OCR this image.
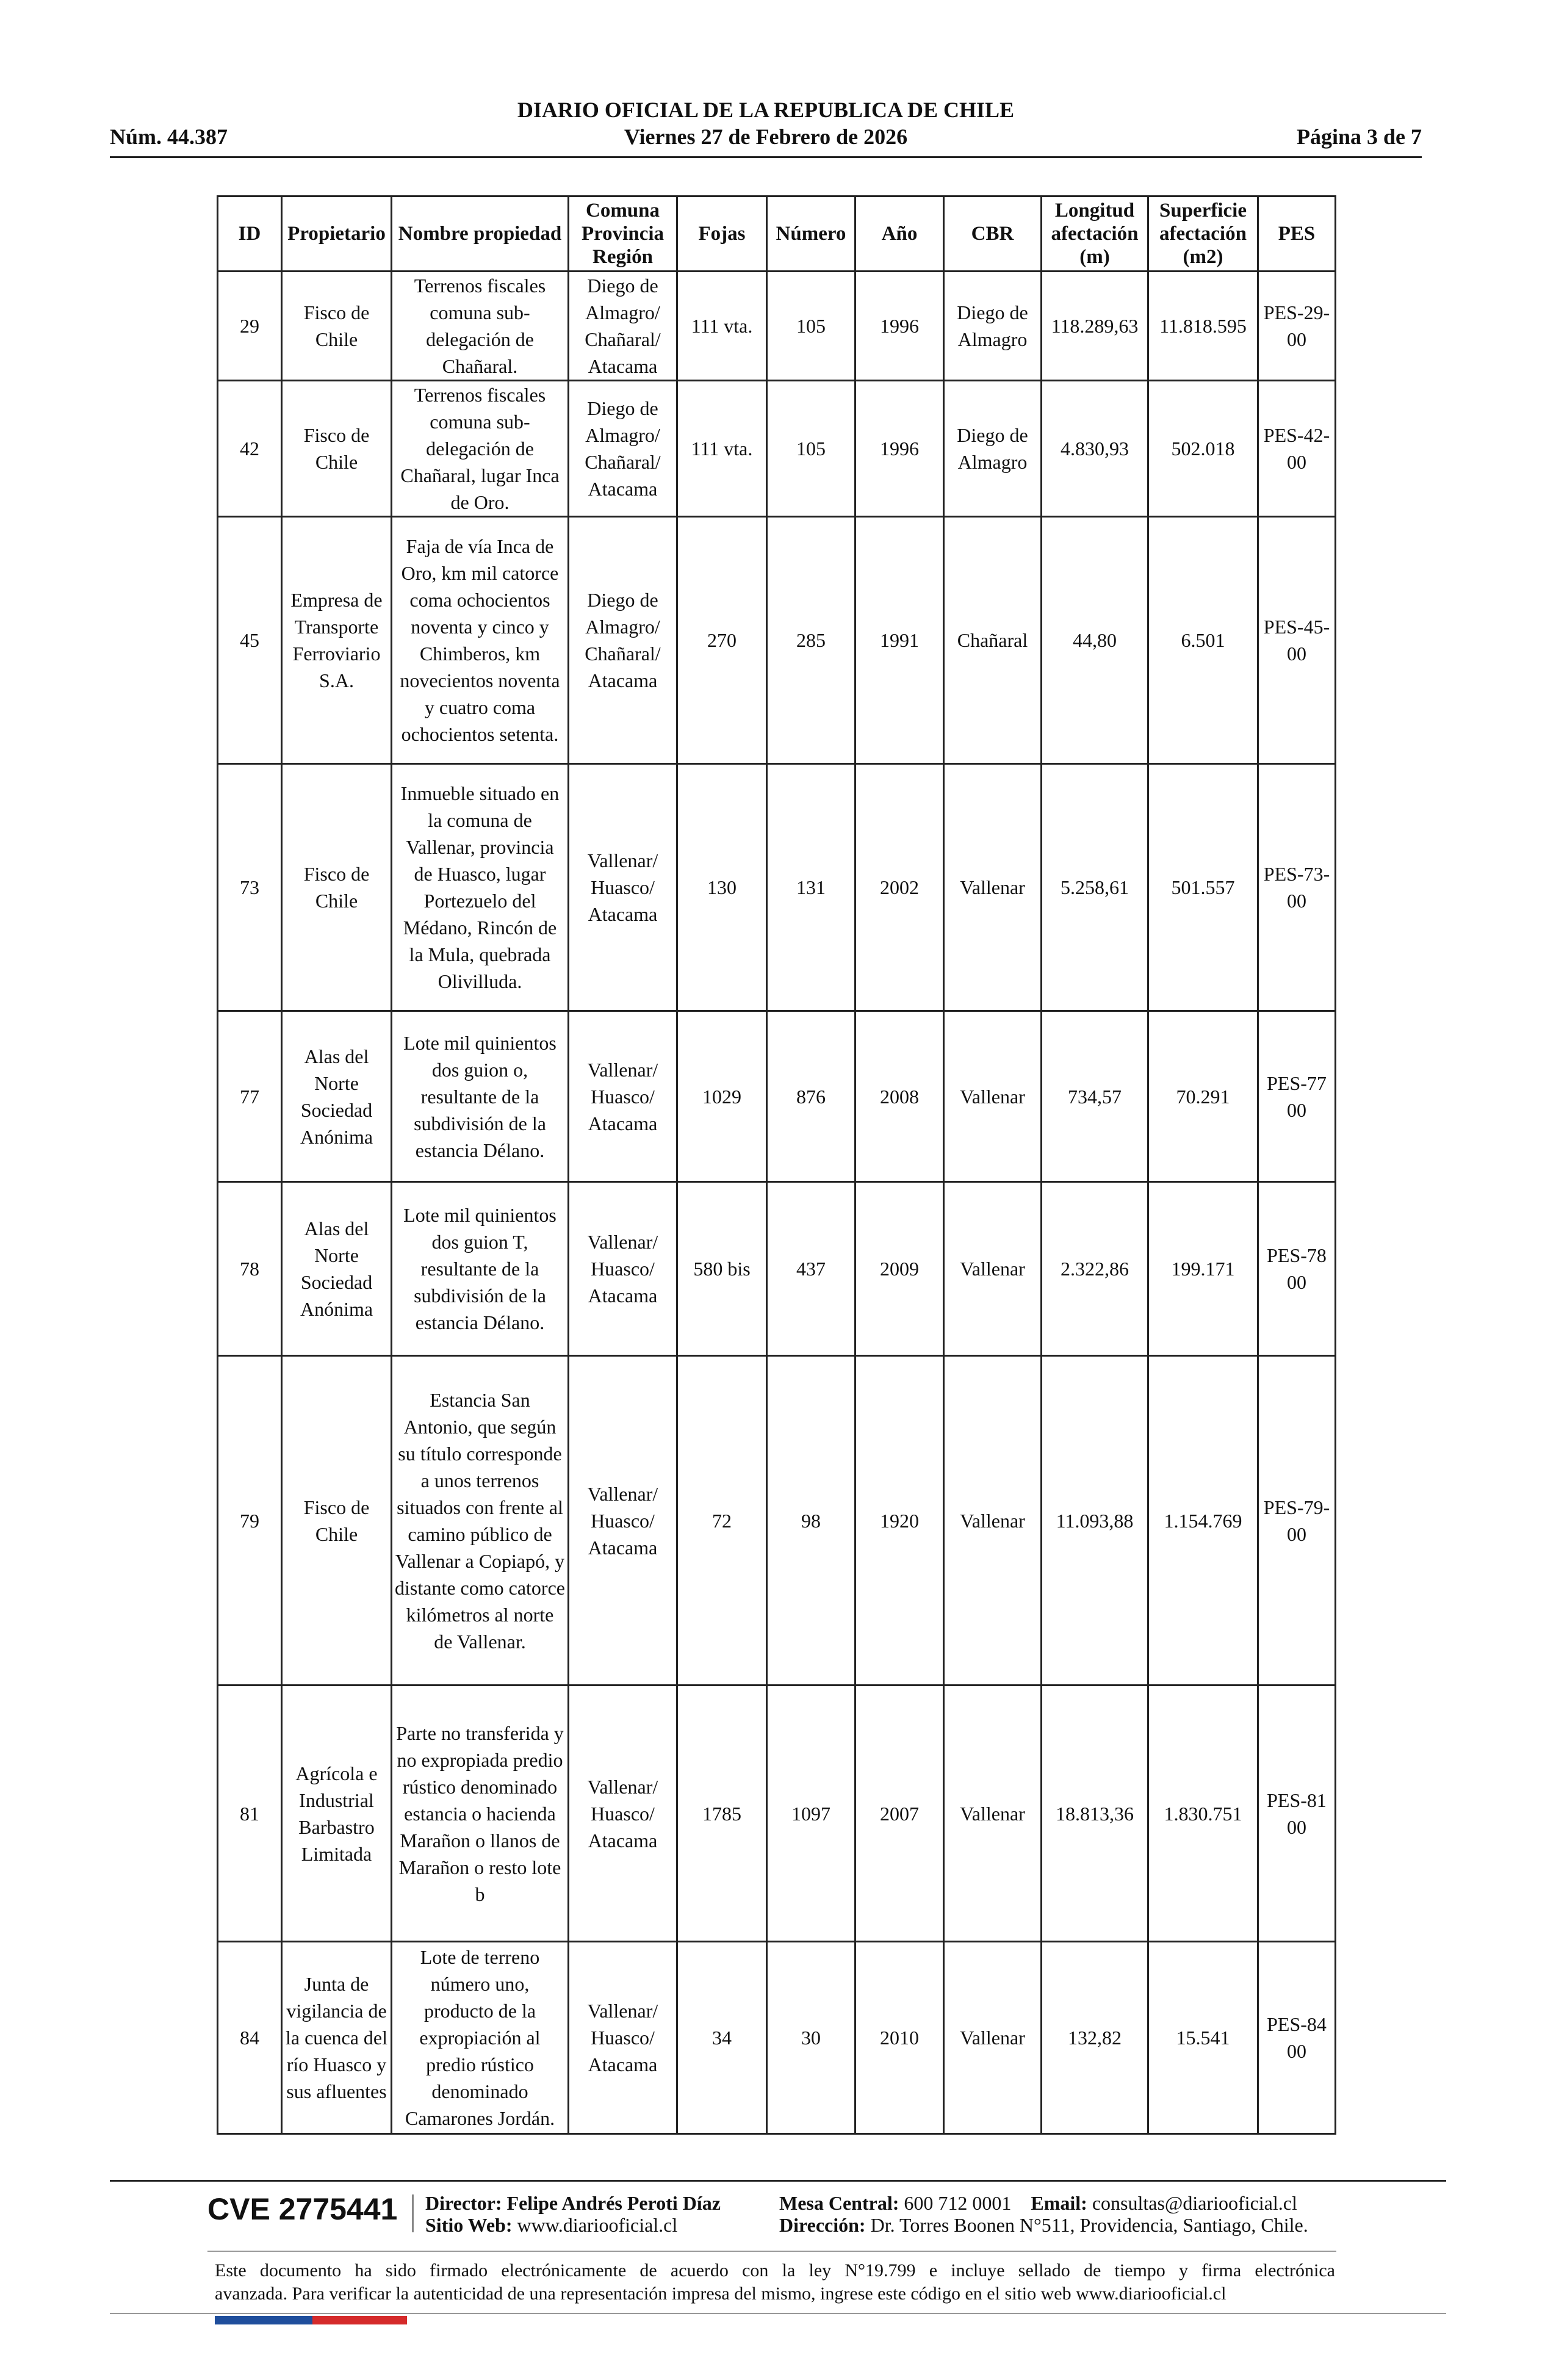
DIARIO OFICIAL DE LA REPUBLICA DE CHILE
Núm. 44.387	Viernes 27 de Febrero de 2026	Página 3 de 7
ID	Propietario	Nombre propiedad	Comuna Provincia Región	Fojas	Número	Año	CBR	Longitud afectación (m)	Superficie afectación (m2)	PES
29	Fisco de Chile	Terrenos fiscales comuna sub-delegación de Chañaral.	Diego de Almagro/ Chañaral/ Atacama	111 vta.	105	1996	Diego de Almagro	118.289,63	11.818.595	PES-29-00
42	Fisco de Chile	Terrenos fiscales comuna sub-delegación de Chañaral, lugar Inca de Oro.	Diego de Almagro/ Chañaral/ Atacama	111 vta.	105	1996	Diego de Almagro	4.830,93	502.018	PES-42-00
45	Empresa de Transporte Ferroviario S.A.	Faja de vía Inca de Oro, km mil catorce coma ochocientos noventa y cinco y Chimberos, km novecientos noventa y cuatro coma ochocientos setenta.	Diego de Almagro/ Chañaral/ Atacama	270	285	1991	Chañaral	44,80	6.501	PES-45-00
73	Fisco de Chile	Inmueble situado en la comuna de Vallenar, provincia de Huasco, lugar Portezuelo del Médano, Rincón de la Mula, quebrada Olivilluda.	Vallenar/ Huasco/ Atacama	130	131	2002	Vallenar	5.258,61	501.557	PES-73-00
77	Alas del Norte Sociedad Anónima	Lote mil quinientos dos guion o, resultante de la subdivisión de la estancia Délano.	Vallenar/ Huasco/ Atacama	1029	876	2008	Vallenar	734,57	70.291	PES-77 00
78	Alas del Norte Sociedad Anónima	Lote mil quinientos dos guion T, resultante de la subdivisión de la estancia Délano.	Vallenar/ Huasco/ Atacama	580 bis	437	2009	Vallenar	2.322,86	199.171	PES-78 00
79	Fisco de Chile	Estancia San Antonio, que según su título corresponde a unos terrenos situados con frente al camino público de Vallenar a Copiapó, y distante como catorce kilómetros al norte de Vallenar.	Vallenar/ Huasco/ Atacama	72	98	1920	Vallenar	11.093,88	1.154.769	PES-79-00
81	Agrícola e Industrial Barbastro Limitada	Parte no transferida y no expropiada predio rústico denominado estancia o hacienda Marañon o llanos de Marañon o resto lote b	Vallenar/ Huasco/ Atacama	1785	1097	2007	Vallenar	18.813,36	1.830.751	PES-81 00
84	Junta de vigilancia de la cuenca del río Huasco y sus afluentes	Lote de terreno número uno, producto de la expropiación al predio rústico denominado Camarones Jordán.	Vallenar/ Huasco/ Atacama	34	30	2010	Vallenar	132,82	15.541	PES-84 00
CVE 2775441 Director: Felipe Andrés Peroti Díaz
Sitio Web: www.diariooficial.cl
Mesa Central: 600 712 0001 Email: consultas@diariooficial.cl
Dirección: Dr. Torres Boonen N°511, Providencia, Santiago, Chile.
Este documento ha sido firmado electrónicamente de acuerdo con la ley N°19.799 e incluye sellado de tiempo y firma electrónica
avanzada. Para verificar la autenticidad de una representación impresa del mismo, ingrese este código en el sitio web www.diariooficial.cl
